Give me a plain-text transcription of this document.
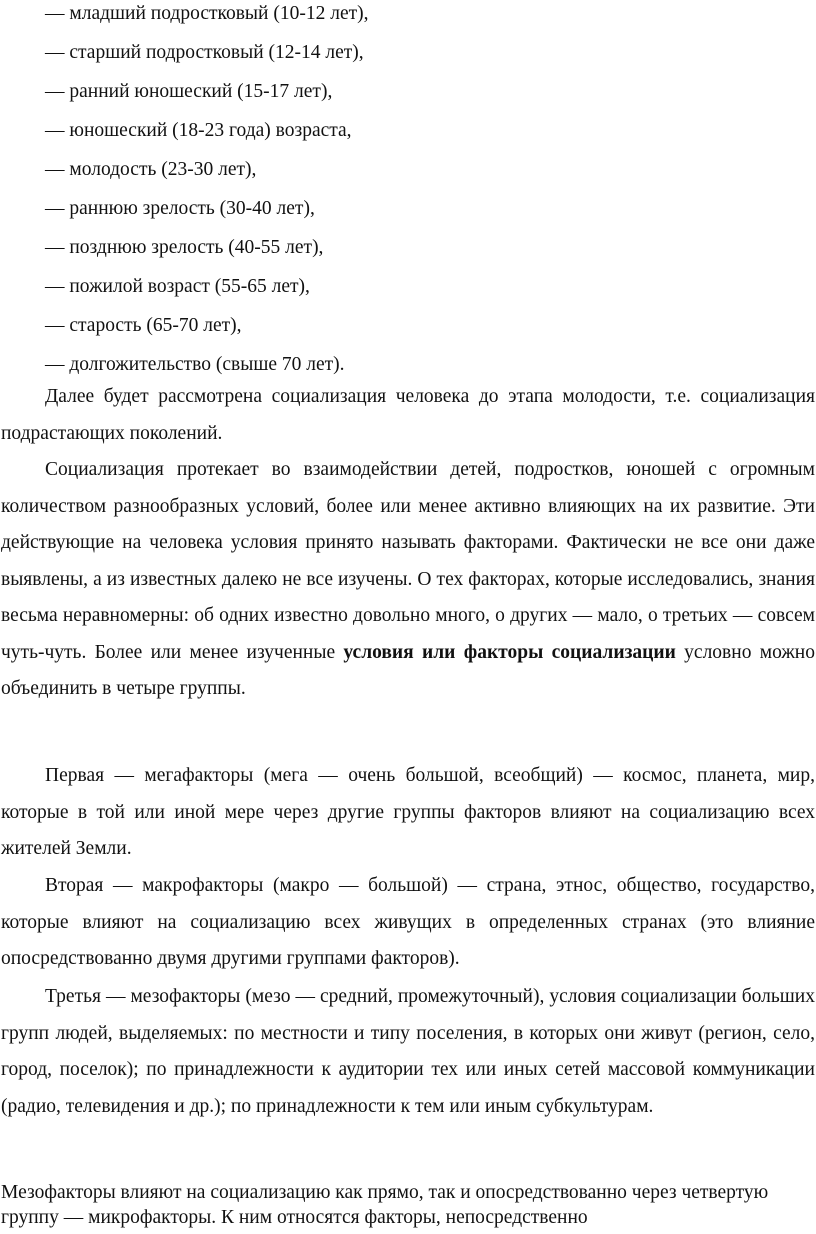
— младший подростковый (10-12 лет),
— старший подростковый (12-14 лет),
— ранний юношеский (15-17 лет),
— юношеский (18-23 года) возраста,
— молодость (23-30 лет),
— раннюю зрелость (30-40 лет),
— позднюю зрелость (40-55 лет),
— пожилой возраст (55-65 лет),
— старость (65-70 лет),
— долгожительство (свыше 70 лет).

Далее будет рассмотрена социализация человека до этапа молодости, т.е. социализация подрастающих поколений.

Социализация протекает во взаимодействии детей, подростков, юношей с огромным количеством разнообразных условий, более или менее активно влияющих на их развитие. Эти действующие на человека условия принято называть факторами. Фактически не все они даже выявлены, а из известных далеко не все изучены. О тех факторах, которые исследовались, знания весьма неравномерны: об одних известно довольно много, о других — мало, о третьих — совсем чуть-чуть. Более или менее изученные условия или факторы социализации условно можно объединить в четыре группы.

Первая — мегафакторы (мега — очень большой, всеобщий) — космос, планета, мир, которые в той или иной мере через другие группы факторов влияют на социализацию всех жителей Земли.

Вторая — макрофакторы (макро — большой) — страна, этнос, общество, государство, которые влияют на социализацию всех живущих в определенных странах (это влияние опосредствованно двумя другими группами факторов).

Третья — мезофакторы (мезо — средний, промежуточный), условия социализации больших групп людей, выделяемых: по местности и типу поселения, в которых они живут (регион, село, город, поселок); по принадлежности к аудитории тех или иных сетей массовой коммуникации (радио, телевидения и др.); по принадлежности к тем или иным субкультурам.

Мезофакторы влияют на социализацию как прямо, так и опосредствованно через четвертую группу — микрофакторы. К ним относятся факторы, непосредственно
